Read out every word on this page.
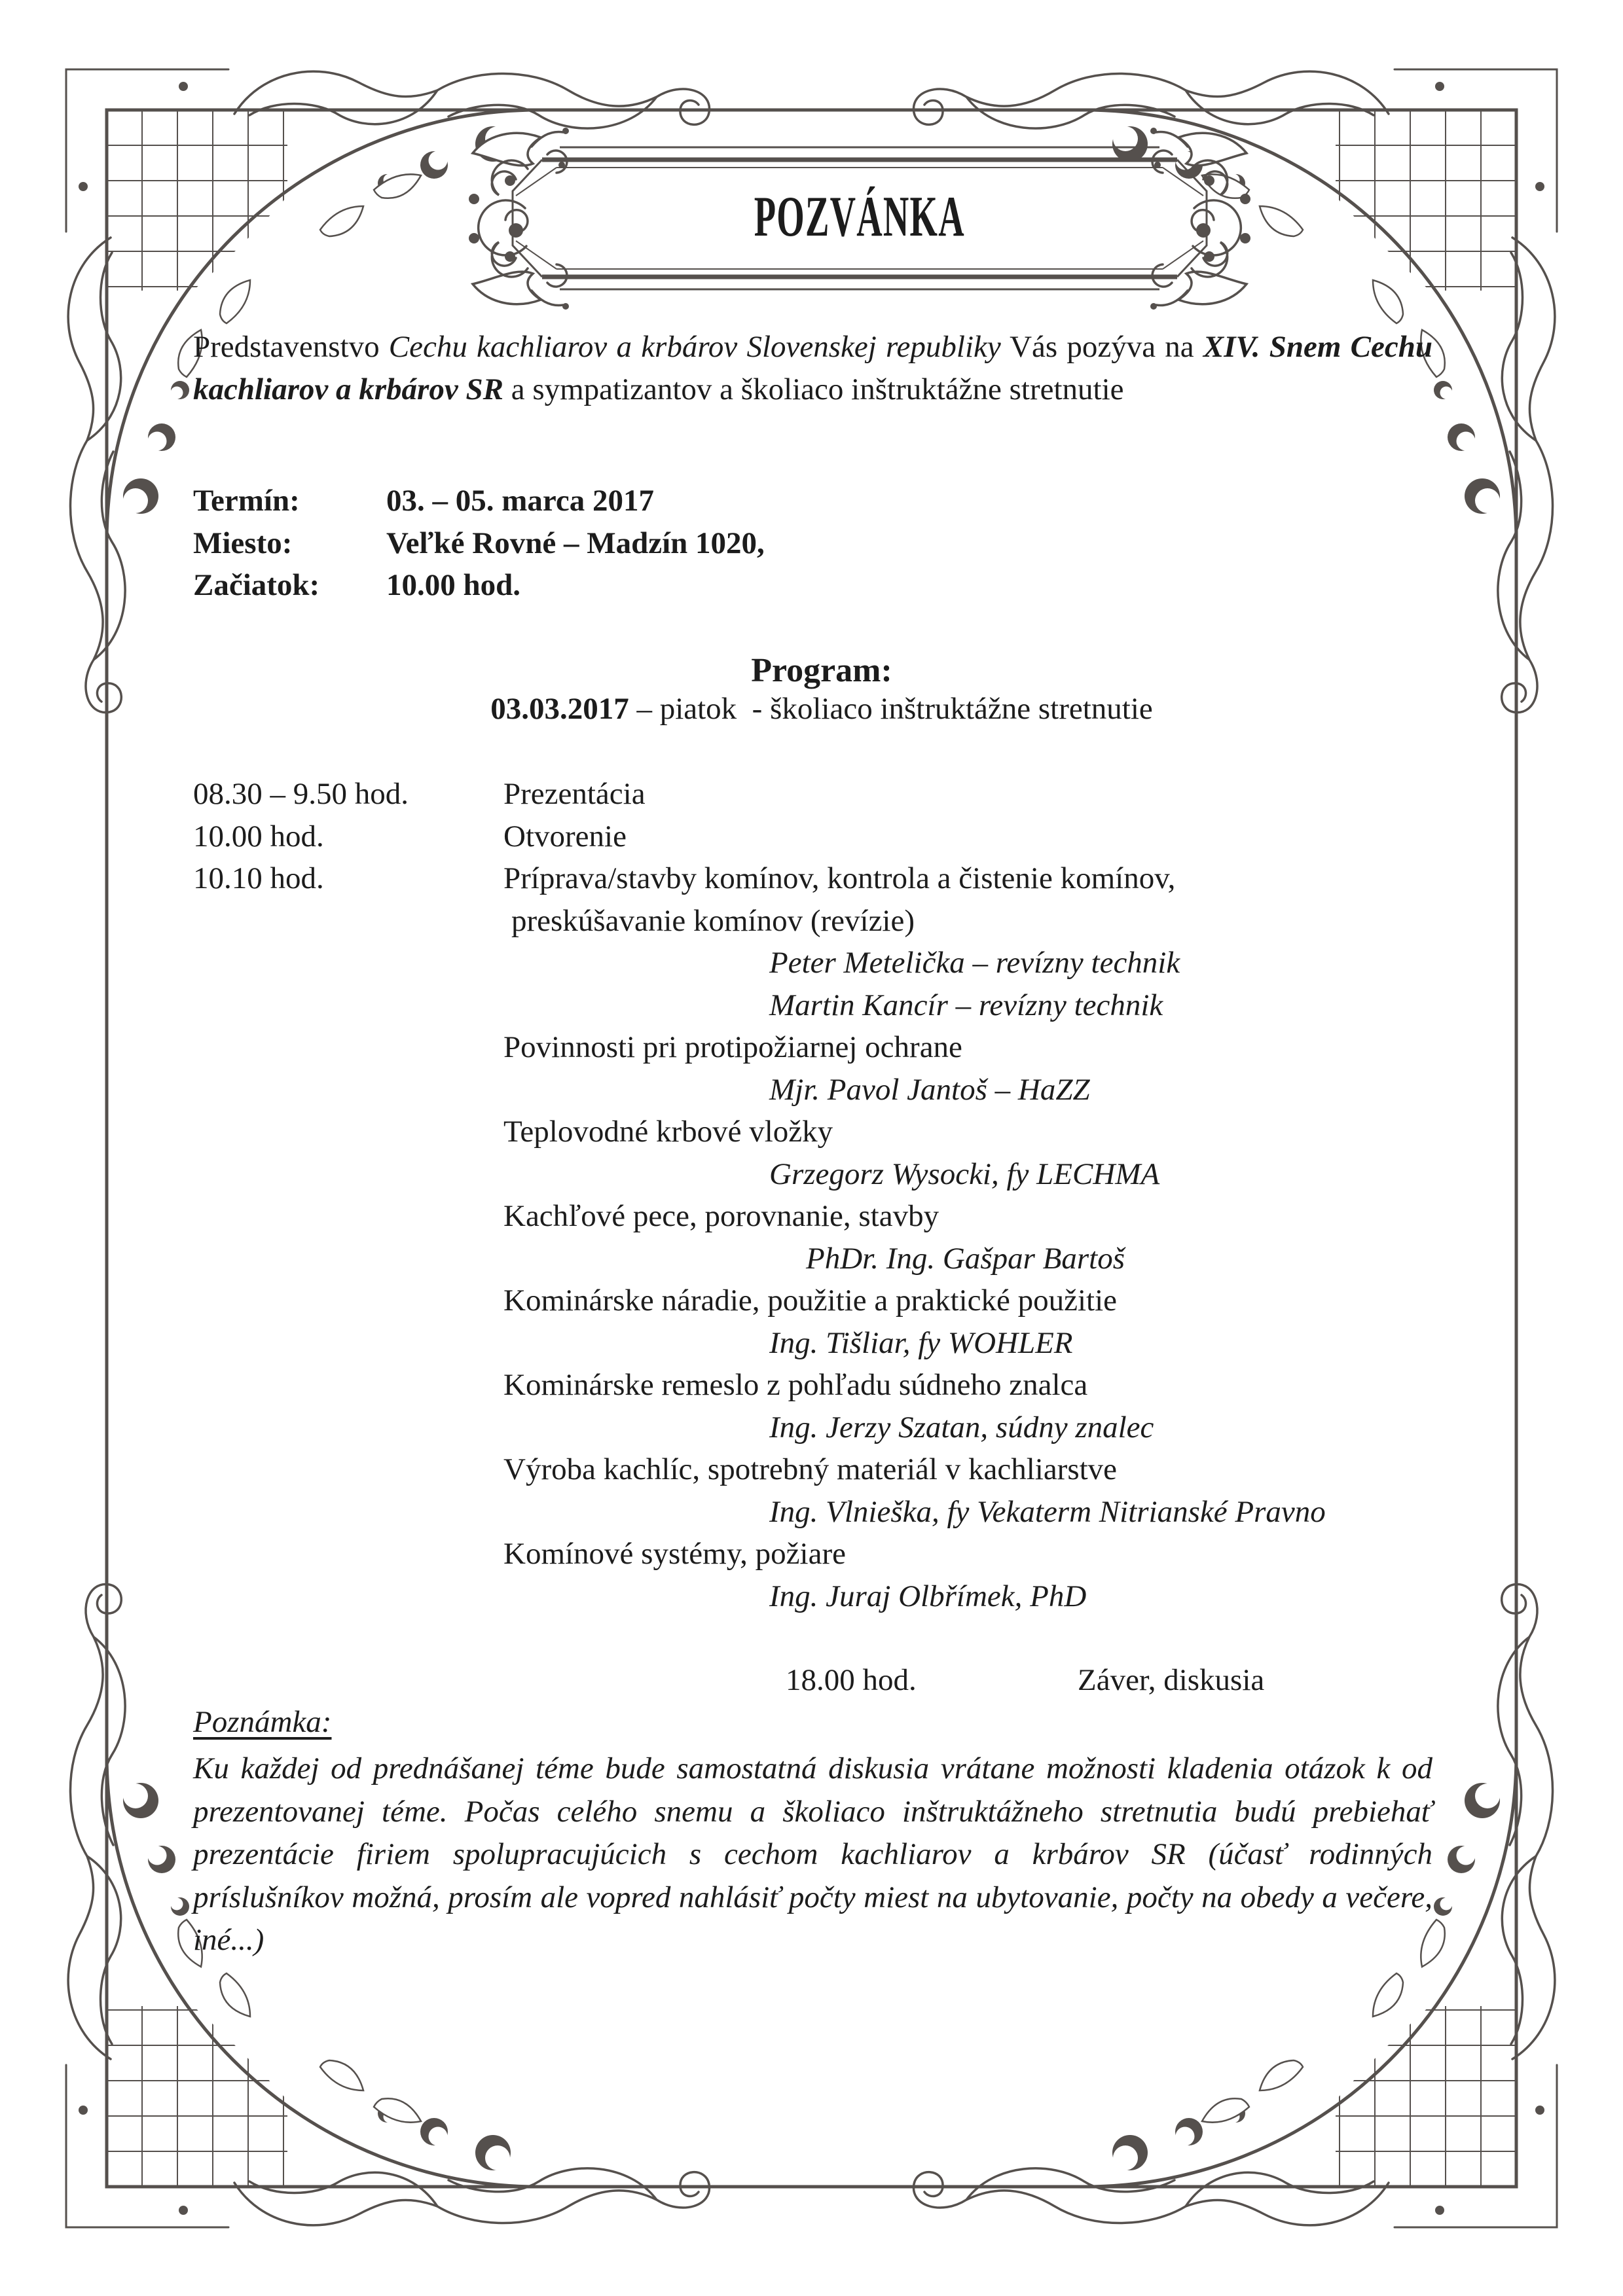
POZVÁNKA

Predstavenstvo Cechu kachliarov a krbárov Slovenskej republiky Vás pozýva na XIV. Snem Cechu kachliarov a krbárov SR a sympatizantov a školiaco inštruktážne stretnutie

Termín:	03. – 05. marca 2017
Miesto:	Veľké Rovné – Madzín 1020,
Začiatok: 10.00 hod.
Program:

03.03.2017 – piatok  - školiaco inštruktážne stretnutie

08.30 – 9.50 hod.	Prezentácia
10.00 hod.	Otvorenie
10.10 hod.	Príprava/stavby komínov, kontrola a čistenie komínov,
preskúšavanie komínov (revízie)
Peter Metelička – revízny technik
Martin Kancír – revízny technik
Povinnosti pri protipožiarnej ochrane
Mjr. Pavol Jantoš – HaZZ
Teplovodné krbové vložky
Grzegorz Wysocki, fy LECHMA
Kachľové pece, porovnanie, stavby
PhDr. Ing. Gašpar Bartoš
Kominárske náradie, použitie a praktické použitie
Ing. Tišliar, fy WOHLER
Kominárske remeslo z pohľadu súdneho znalca
Ing. Jerzy Szatan, súdny znalec
Výroba kachlíc, spotrebný materiál v kachliarstve
Ing. Vlnieška, fy Vekaterm Nitrianské Pravno
Komínové systémy, požiare
Ing. Juraj Olbřímek, PhD
18.00 hod.	Záver, diskusia
Poznámka:

Ku každej od prednášanej téme bude samostatná diskusia vrátane možnosti kladenia otázok k od prezentovanej téme. Počas celého snemu a školiaco inštruktážneho stretnutia budú prebiehať prezentácie firiem spolupracujúcich s cechom kachliarov a krbárov SR (účasť rodinných príslušníkov možná, prosím ale vopred nahlásiť počty miest na ubytovanie, počty na obedy a večere, iné...)
